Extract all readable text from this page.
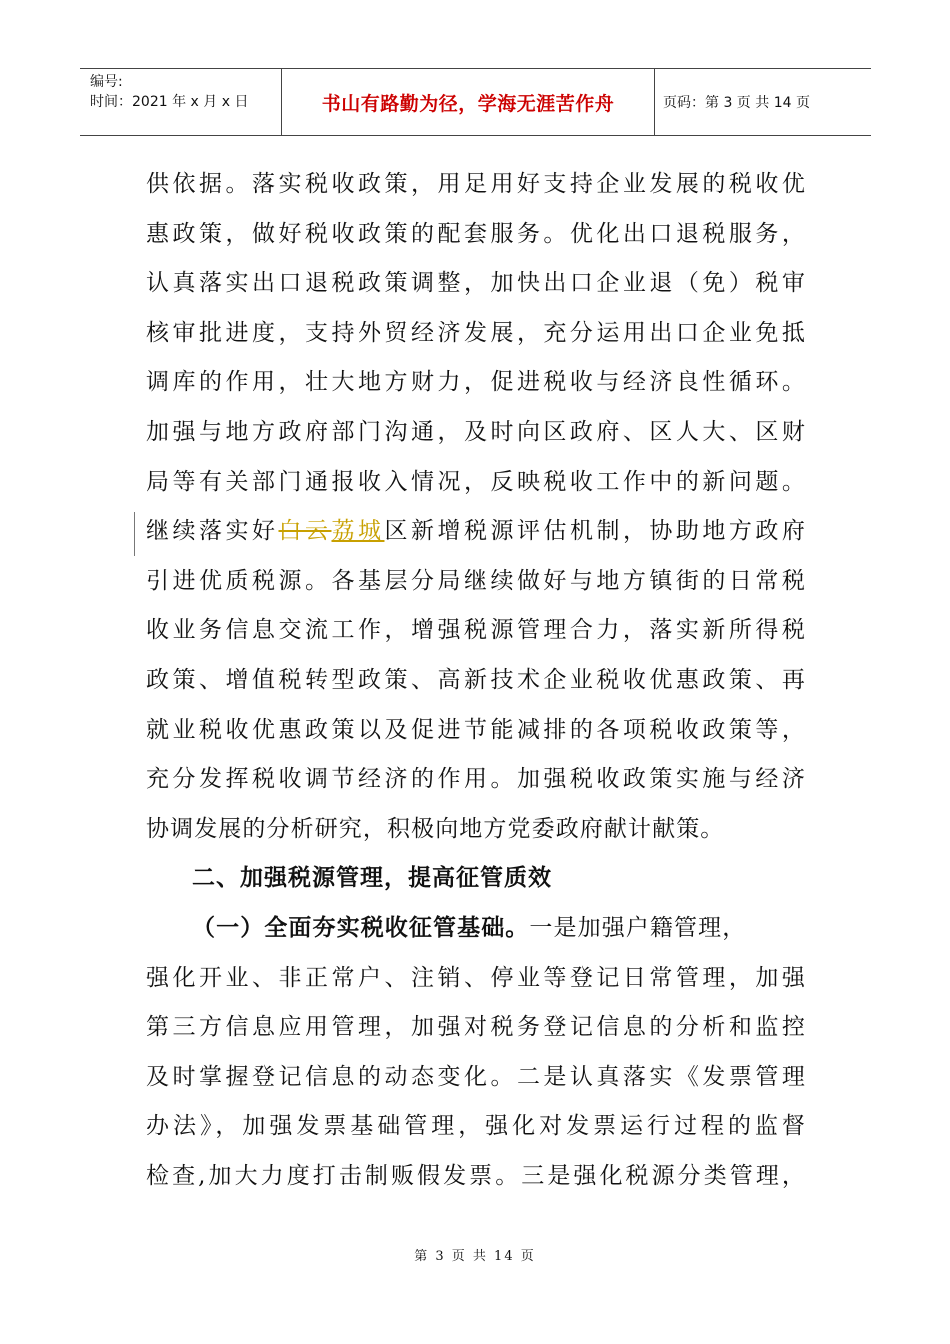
编号:
时间：2021 年 x 月 x 日	书山有路勤为径，学海无涯苦作舟	页码：第 3 页 共 14 页
供依据。落实税收政策，用足用好支持企业发展的税收优
惠政策，做好税收政策的配套服务。优化出口退税服务，
认真落实出口退税政策调整，加快出口企业退（免）税审
核审批进度，支持外贸经济发展，充分运用出口企业免抵
调库的作用，壮大地方财力，促进税收与经济良性循环。
加强与地方政府部门沟通，及时向区政府、区人大、区财
局等有关部门通报收入情况，反映税收工作中的新问题。
继续落实好白云荔城区新增税源评估机制，协助地方政府
引进优质税源。各基层分局继续做好与地方镇街的日常税
收业务信息交流工作，增强税源管理合力，落实新所得税
政策、增值税转型政策、高新技术企业税收优惠政策、再
就业税收优惠政策以及促进节能减排的各项税收政策等，
充分发挥税收调节经济的作用。加强税收政策实施与经济
协调发展的分析研究，积极向地方党委政府献计献策。
二、加强税源管理，提高征管质效
（一）全面夯实税收征管基础。一是加强户籍管理，
强化开业、非正常户、注销、停业等登记日常管理，加强
第三方信息应用管理，加强对税务登记信息的分析和监控
及时掌握登记信息的动态变化。二是认真落实《发票管理
办法》，加强发票基础管理，强化对发票运行过程的监督
检查,加大力度打击制贩假发票。三是强化税源分类管理，
第 3 页 共 14 页
